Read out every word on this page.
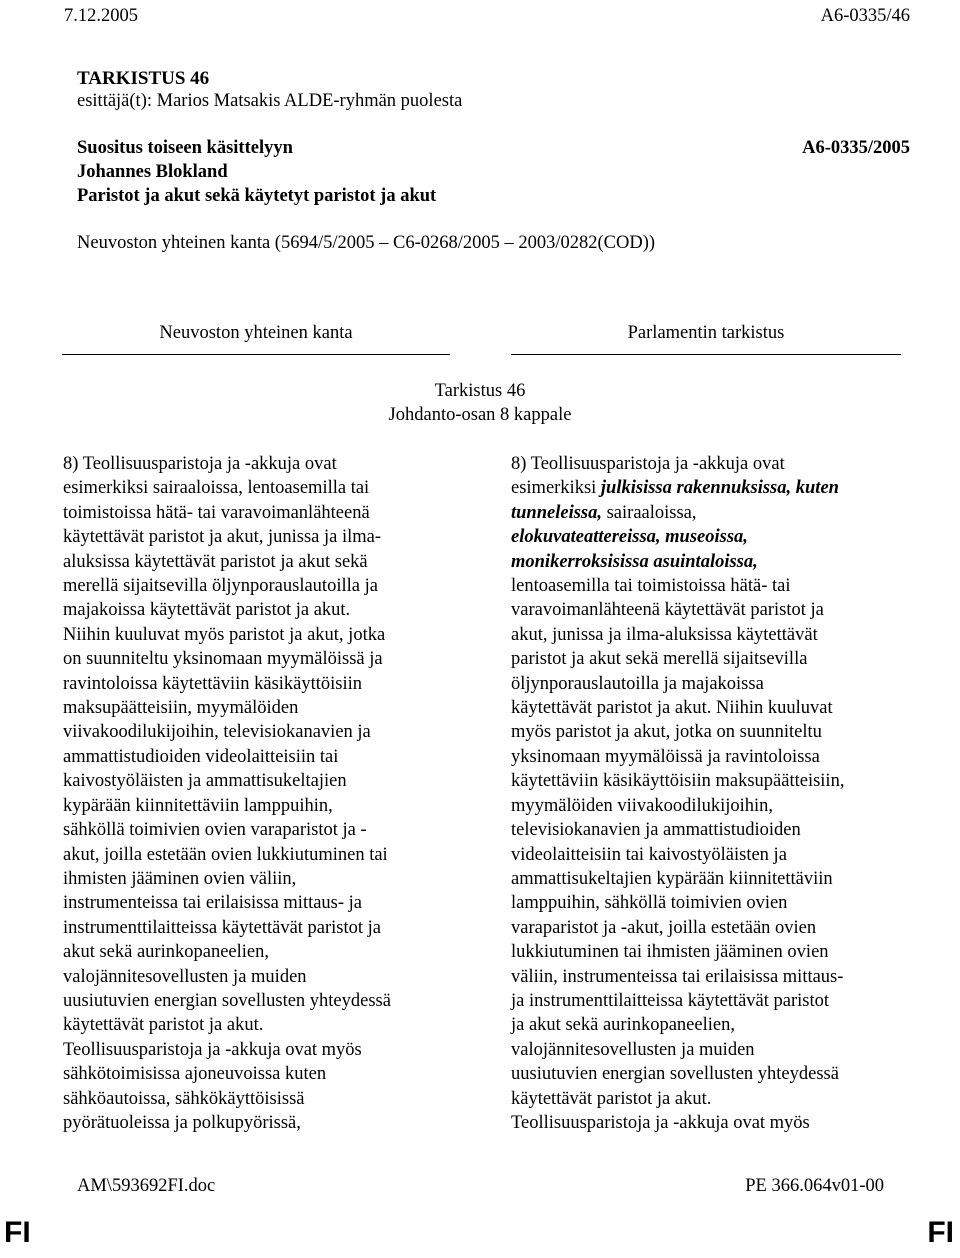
7.12.2005	A6-0335/46
TARKISTUS 46
esittäjä(t): Marios Matsakis ALDE-ryhmän puolesta
Suositus toiseen käsittelyyn	A6-0335/2005
Johannes Blokland
Paristot ja akut sekä käytetyt paristot ja akut
Neuvoston yhteinen kanta (5694/5/2005 – C6-0268/2005 – 2003/0282(COD))
Neuvoston yhteinen kanta	Parlamentin tarkistus
Tarkistus 46
Johdanto-osan 8 kappale
8) Teollisuusparistoja ja -akkuja ovat
esimerkiksi sairaaloissa, lentoasemilla tai
toimistoissa hätä- tai varavoimanlähteenä
käytettävät paristot ja akut, junissa ja ilma-
aluksissa käytettävät paristot ja akut sekä
merellä sijaitsevilla öljynporauslautoilla ja
majakoissa käytettävät paristot ja akut.
Niihin kuuluvat myös paristot ja akut, jotka
on suunniteltu yksinomaan myymälöissä ja
ravintoloissa käytettäviin käsikäyttöisiin
maksupäätteisiin, myymälöiden
viivakoodilukijoihin, televisiokanavien ja
ammattistudioiden videolaitteisiin tai
kaivostyöläisten ja ammattisukeltajien
kypärään kiinnitettäviin lamppuihin,
sähköllä toimivien ovien varaparistot ja -
akut, joilla estetään ovien lukkiutuminen tai
ihmisten jääminen ovien väliin,
instrumenteissa tai erilaisissa mittaus- ja
instrumenttilaitteissa käytettävät paristot ja
akut sekä aurinkopaneelien,
valojännitesovellusten ja muiden
uusiutuvien energian sovellusten yhteydessä
käytettävät paristot ja akut.
Teollisuusparistoja ja -akkuja ovat myös
sähkötoimisissa ajoneuvoissa kuten
sähköautoissa, sähkökäyttöisissä
pyörätuoleissa ja polkupyörissä,
8) Teollisuusparistoja ja -akkuja ovat
esimerkiksi julkisissa rakennuksissa, kuten
tunneleissa, sairaaloissa,
elokuvateattereissa, museoissa,
monikerroksisissa asuintaloissa,
lentoasemilla tai toimistoissa hätä- tai
varavoimanlähteenä käytettävät paristot ja
akut, junissa ja ilma-aluksissa käytettävät
paristot ja akut sekä merellä sijaitsevilla
öljynporauslautoilla ja majakoissa
käytettävät paristot ja akut. Niihin kuuluvat
myös paristot ja akut, jotka on suunniteltu
yksinomaan myymälöissä ja ravintoloissa
käytettäviin käsikäyttöisiin maksupäätteisiin,
myymälöiden viivakoodilukijoihin,
televisiokanavien ja ammattistudioiden
videolaitteisiin tai kaivostyöläisten ja
ammattisukeltajien kypärään kiinnitettäviin
lamppuihin, sähköllä toimivien ovien
varaparistot ja -akut, joilla estetään ovien
lukkiutuminen tai ihmisten jääminen ovien
väliin, instrumenteissa tai erilaisissa mittaus-
ja instrumenttilaitteissa käytettävät paristot
ja akut sekä aurinkopaneelien,
valojännitesovellusten ja muiden
uusiutuvien energian sovellusten yhteydessä
käytettävät paristot ja akut.
Teollisuusparistoja ja -akkuja ovat myös
AM\593692FI.doc	PE 366.064v01-00
FI	FI
